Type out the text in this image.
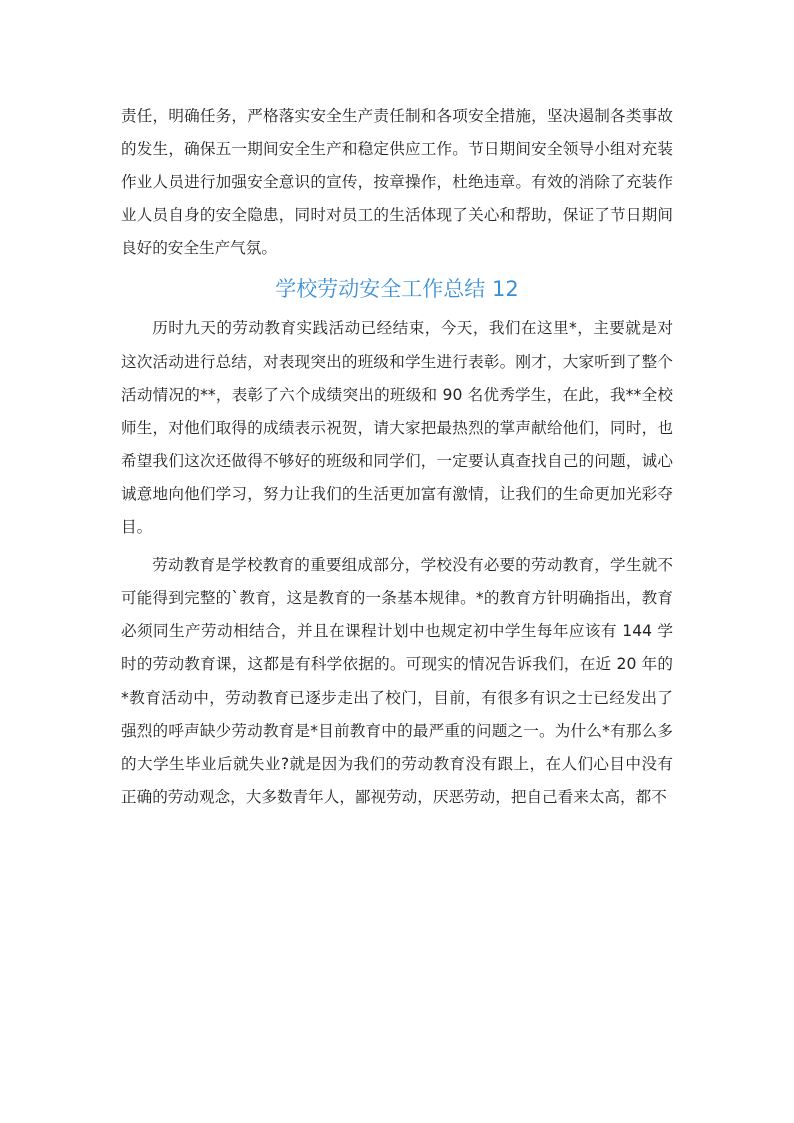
责任，明确任务，严格落实安全生产责任制和各项安全措施，坚决遏制各类事故的发生，确保五一期间安全生产和稳定供应工作。节日期间安全领导小组对充装作业人员进行加强安全意识的宣传，按章操作，杜绝违章。有效的消除了充装作业人员自身的安全隐患，同时对员工的生活体现了关心和帮助，保证了节日期间良好的安全生产气氛。

学校劳动安全工作总结 12

历时九天的劳动教育实践活动已经结束，今天，我们在这里*，主要就是对这次活动进行总结，对表现突出的班级和学生进行表彰。刚才，大家听到了整个活动情况的**，表彰了六个成绩突出的班级和 90 名优秀学生，在此，我**全校师生，对他们取得的成绩表示祝贺，请大家把最热烈的掌声献给他们，同时，也希望我们这次还做得不够好的班级和同学们，一定要认真查找自己的问题，诚心诚意地向他们学习，努力让我们的生活更加富有激情，让我们的生命更加光彩夺目。

劳动教育是学校教育的重要组成部分，学校没有必要的劳动教育，学生就不可能得到完整的`教育，这是教育的一条基本规律。*的教育方针明确指出，教育必须同生产劳动相结合，并且在课程计划中也规定初中学生每年应该有 144 学时的劳动教育课，这都是有科学依据的。可现实的情况告诉我们，在近 20 年的*教育活动中，劳动教育已逐步走出了校门，目前，有很多有识之士已经发出了强烈的呼声缺少劳动教育是*目前教育中的最严重的问题之一。为什么*有那么多的大学生毕业后就失业?就是因为我们的劳动教育没有跟上，在人们心目中没有正确的劳动观念，大多数青年人，鄙视劳动，厌恶劳动，把自己看来太高，都不
